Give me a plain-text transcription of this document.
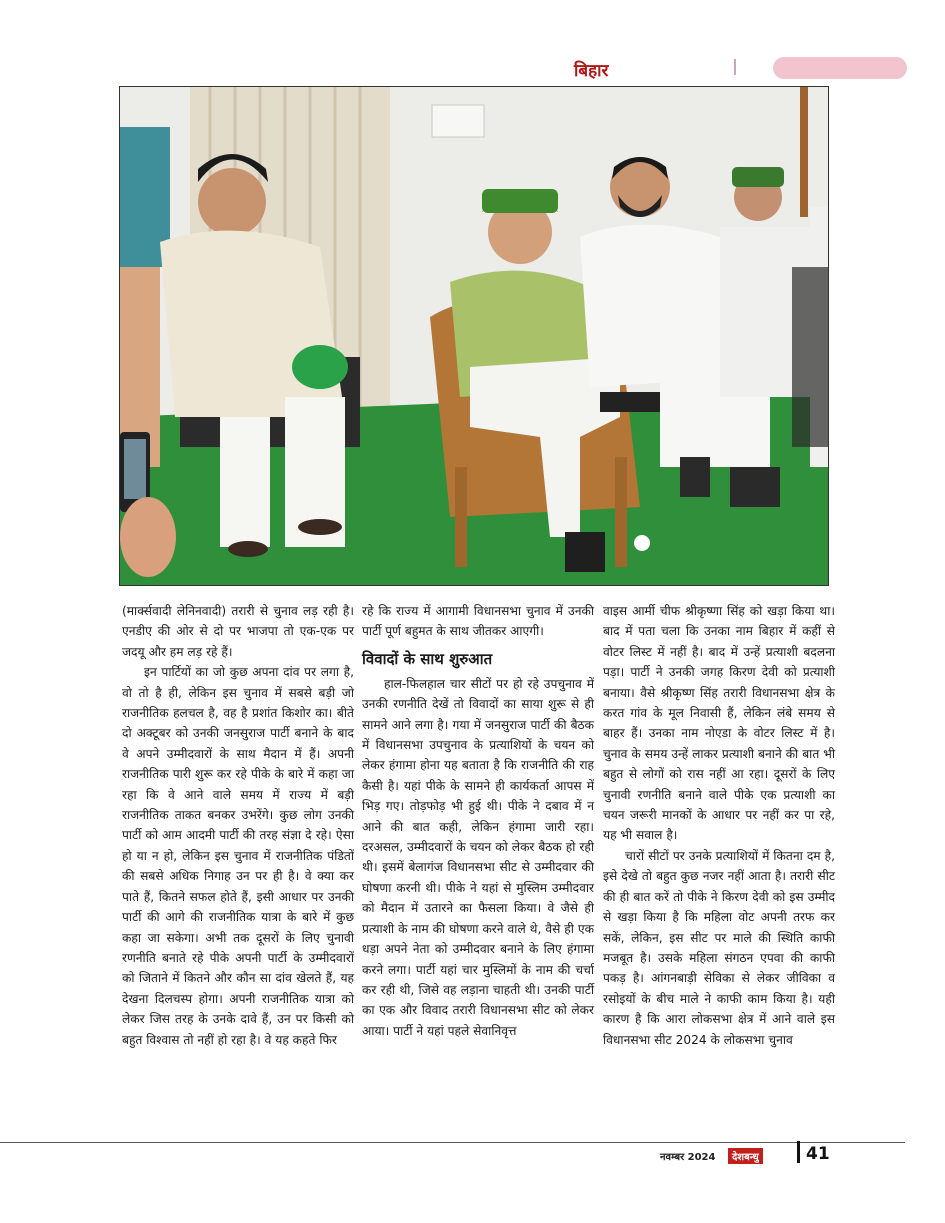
बिहार

(मार्क्सवादी लेनिनवादी) तरारी से चुनाव लड़ रही है। एनडीए की ओर से दो पर भाजपा तो एक-एक पर जदयू और हम लड़ रहे हैं।

इन पार्टियों का जो कुछ अपना दांव पर लगा है, वो तो है ही, लेकिन इस चुनाव में सबसे बड़ी जो राजनीतिक हलचल है, वह है प्रशांत किशोर का। बीते दो अक्टूबर को उनकी जनसुराज पार्टी बनाने के बाद वे अपने उम्मीदवारों के साथ मैदान में हैं। अपनी राजनीतिक पारी शुरू कर रहे पीके के बारे में कहा जा रहा कि वे आने वाले समय में राज्य में बड़ी राजनीतिक ताकत बनकर उभरेंगे। कुछ लोग उनकी पार्टी को आम आदमी पार्टी की तरह संज्ञा दे रहे। ऐसा हो या न हो, लेकिन इस चुनाव में राजनीतिक पंडितों की सबसे अधिक निगाह उन पर ही है। वे क्या कर पाते हैं, कितने सफल होते हैं, इसी आधार पर उनकी पार्टी की आगे की राजनीतिक यात्रा के बारे में कुछ कहा जा सकेगा। अभी तक दूसरों के लिए चुनावी रणनीति बनाते रहे पीके अपनी पार्टी के उम्मीदवारों को जिताने में कितने और कौन सा दांव खेलते हैं, यह देखना दिलचस्प होगा। अपनी राजनीतिक यात्रा को लेकर जिस तरह के उनके दावे हैं, उन पर किसी को बहुत विश्वास तो नहीं हो रहा है। वे यह कहते फिर

रहे कि राज्य में आगामी विधानसभा चुनाव में उनकी पार्टी पूर्ण बहुमत के साथ जीतकर आएगी।

विवादों के साथ शुरुआत

हाल-फिलहाल चार सीटों पर हो रहे उपचुनाव में उनकी रणनीति देखें तो विवादों का साया शुरू से ही सामने आने लगा है। गया में जनसुराज पार्टी की बैठक में विधानसभा उपचुनाव के प्रत्याशियों के चयन को लेकर हंगामा होना यह बताता है कि राजनीति की राह कैसी है। यहां पीके के सामने ही कार्यकर्ता आपस में भिड़ गए। तोड़फोड़ भी हुई थी। पीके ने दबाव में न आने की बात कही, लेकिन हंगामा जारी रहा। दरअसल, उम्मीदवारों के चयन को लेकर बैठक हो रही थी। इसमें बेलागंज विधानसभा सीट से उम्मीदवार की घोषणा करनी थी। पीके ने यहां से मुस्लिम उम्मीदवार को मैदान में उतारने का फैसला किया। वे जैसे ही प्रत्याशी के नाम की घोषणा करने वाले थे, वैसे ही एक धड़ा अपने नेता को उम्मीदवार बनाने के लिए हंगामा करने लगा। पार्टी यहां चार मुस्लिमों के नाम की चर्चा कर रही थी, जिसे वह लड़ाना चाहती थी। उनकी पार्टी का एक और विवाद तरारी विधानसभा सीट को लेकर आया। पार्टी ने यहां पहले सेवानिवृत्त

वाइस आर्मी चीफ श्रीकृष्णा सिंह को खड़ा किया था। बाद में पता चला कि उनका नाम बिहार में कहीं से वोटर लिस्ट में नहीं है। बाद में उन्हें प्रत्याशी बदलना पड़ा। पार्टी ने उनकी जगह किरण देवी को प्रत्याशी बनाया। वैसे श्रीकृष्ण सिंह तरारी विधानसभा क्षेत्र के करत गांव के मूल निवासी हैं, लेकिन लंबे समय से बाहर हैं। उनका नाम नोएडा के वोटर लिस्ट में है। चुनाव के समय उन्हें लाकर प्रत्याशी बनाने की बात भी बहुत से लोगों को रास नहीं आ रहा। दूसरों के लिए चुनावी रणनीति बनाने वाले पीके एक प्रत्याशी का चयन जरूरी मानकों के आधार पर नहीं कर पा रहे, यह भी सवाल है।

चारों सीटों पर उनके प्रत्याशियों में कितना दम है, इसे देखे तो बहुत कुछ नजर नहीं आता है। तरारी सीट की ही बात करें तो पीके ने किरण देवी को इस उम्मीद से खड़ा किया है कि महिला वोट अपनी तरफ कर सकें, लेकिन, इस सीट पर माले की स्थिति काफी मजबूत है। उसके महिला संगठन एपवा की काफी पकड़ है। आंगनबाड़ी सेविका से लेकर जीविका व रसोइयों के बीच माले ने काफी काम किया है। यही कारण है कि आरा लोकसभा क्षेत्र में आने वाले इस विधानसभा सीट 2024 के लोकसभा चुनाव

नवम्बर 2024	देशबन्धु	41
